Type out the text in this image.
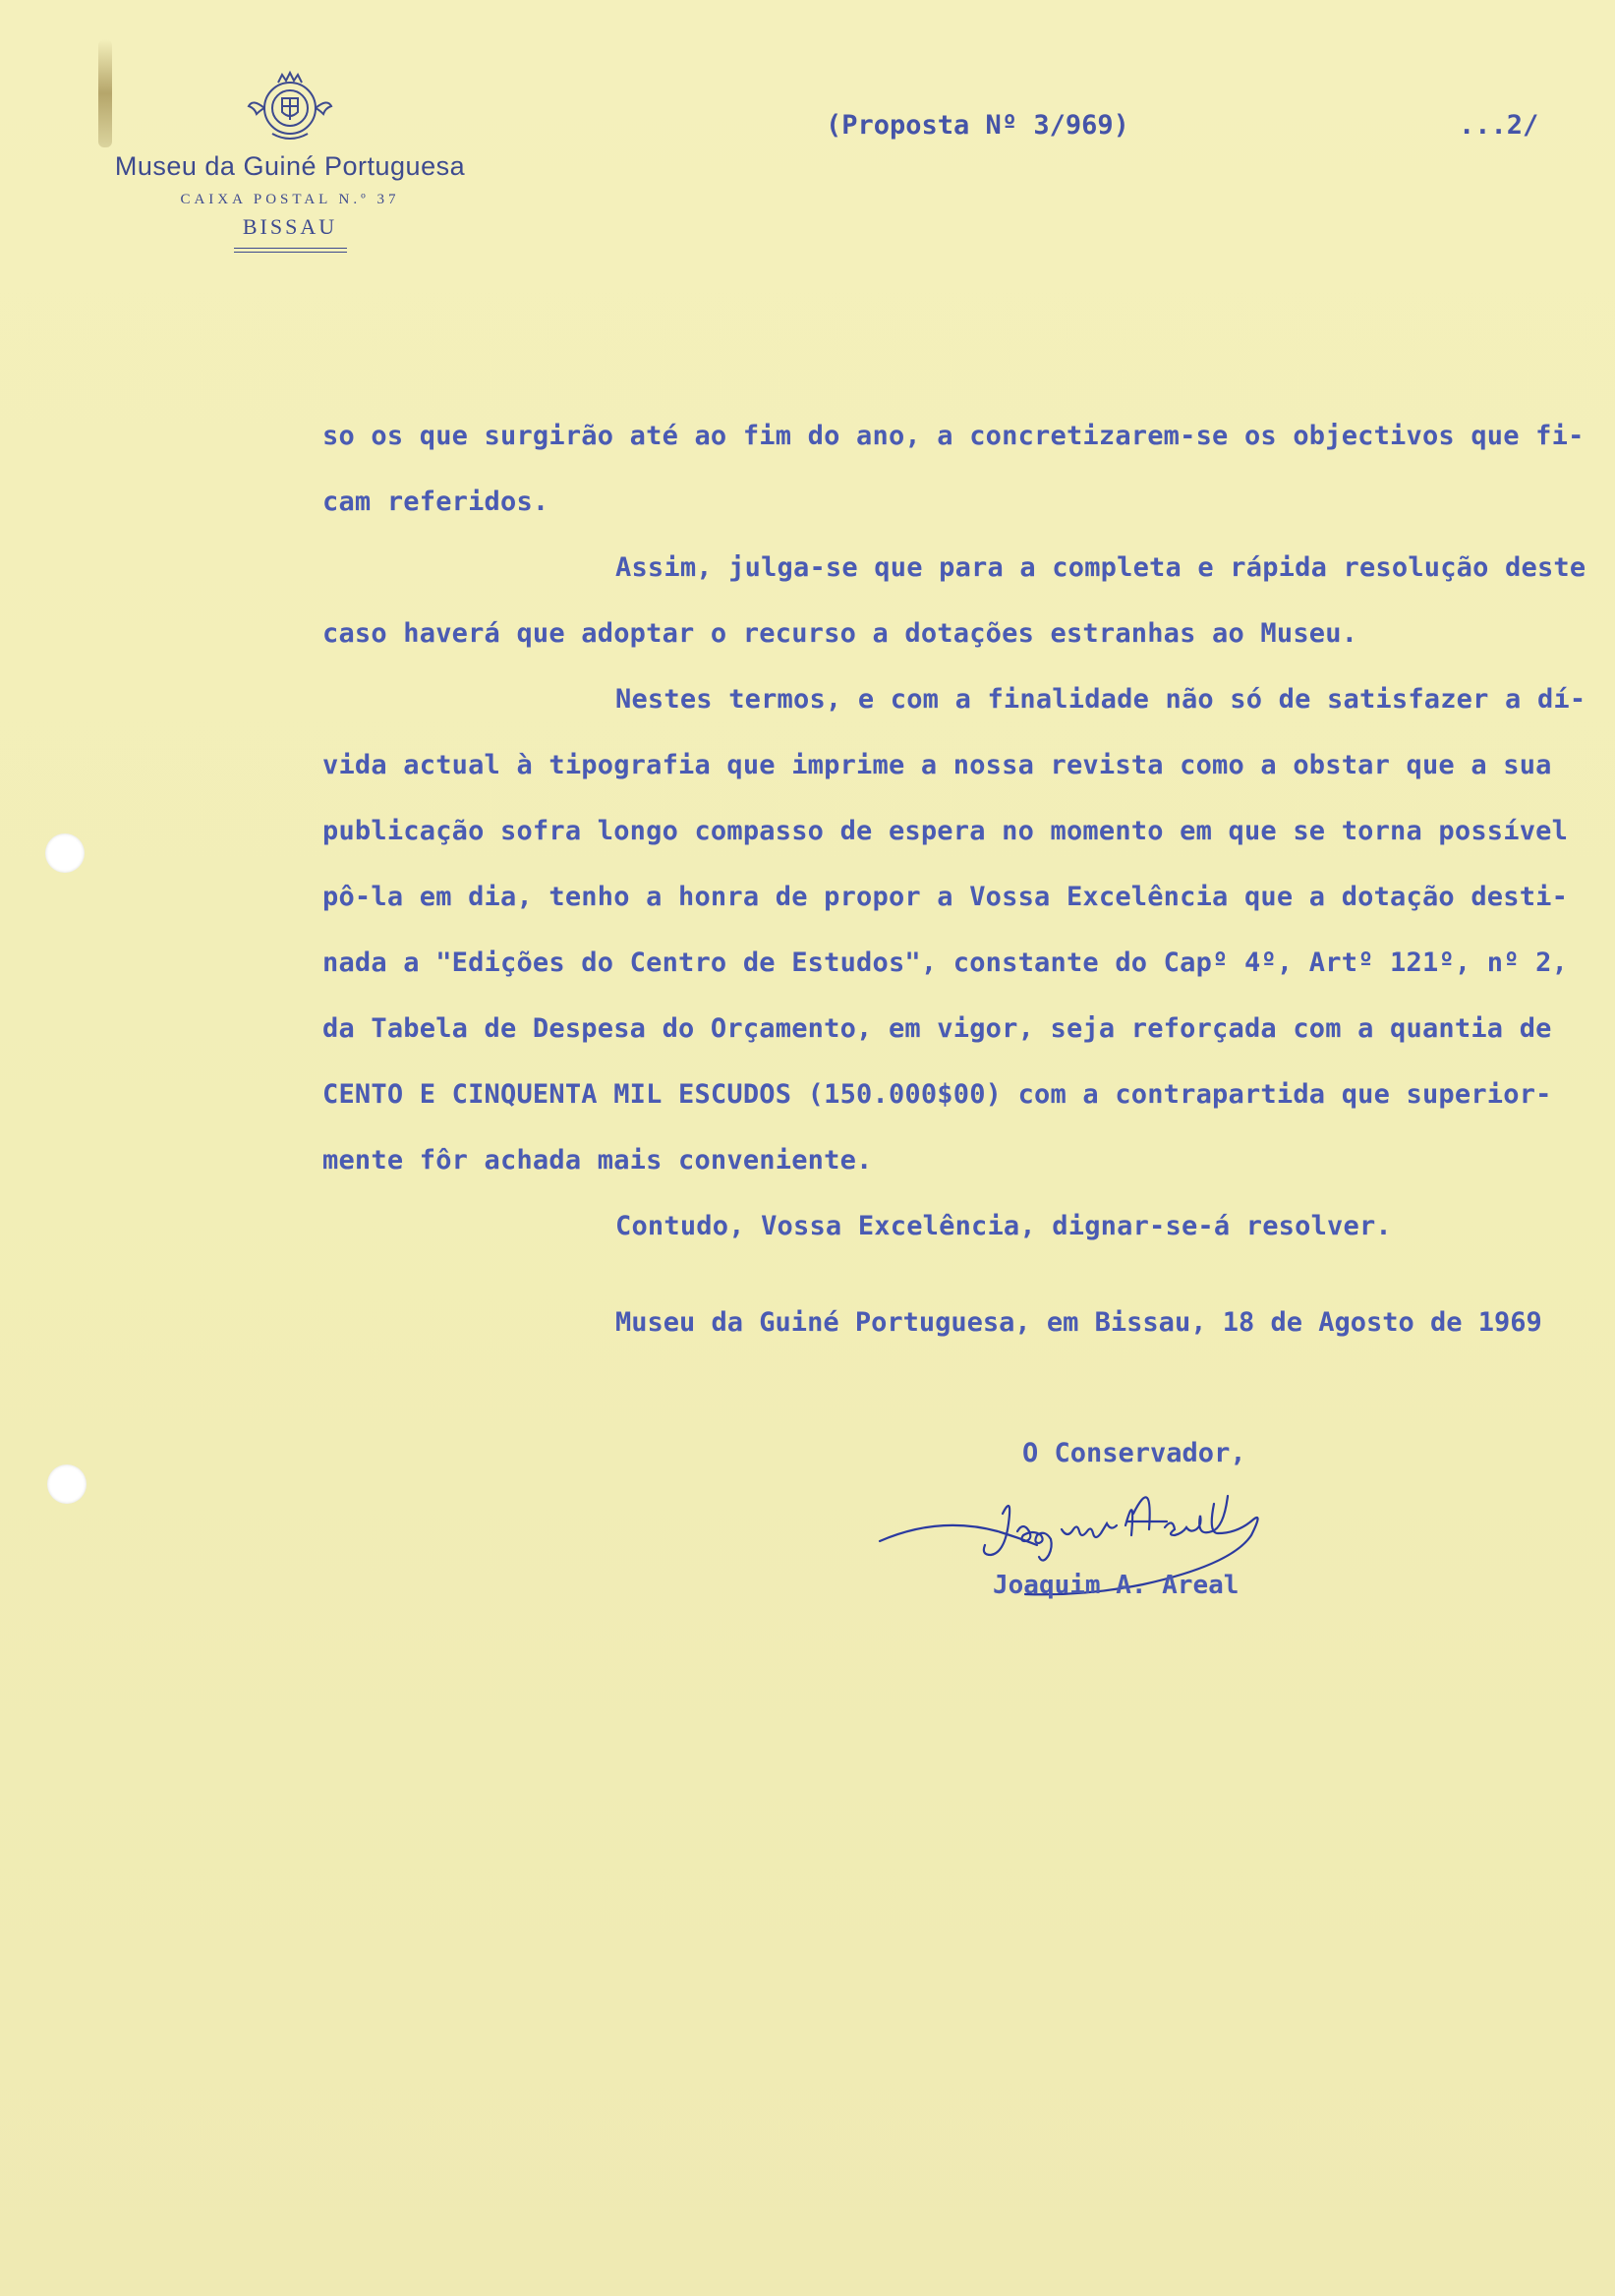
Museu da Guiné Portuguesa
CAIXA POSTAL N.º 37
BISSAU
(Proposta Nº 3/969)	...2/
so os que surgirão até ao fim do ano, a concretizarem-se os objectivos que fi-
cam referidos.
Assim, julga-se que para a completa e rápida resolução deste
caso haverá que adoptar o recurso a dotações estranhas ao Museu.
Nestes termos, e com a finalidade não só de satisfazer a dí-
vida actual à tipografia que imprime a nossa revista como a obstar que a sua
publicação sofra longo compasso de espera no momento em que se torna possível
pô-la em dia, tenho a honra de propor a Vossa Excelência que a dotação desti-
nada a "Edições do Centro de Estudos", constante do Capº 4º, Artº 121º, nº 2,
da Tabela de Despesa do Orçamento, em vigor, seja reforçada com a quantia de
CENTO E CINQUENTA MIL ESCUDOS (150.000$00) com a contrapartida que superior-
mente fôr achada mais conveniente.
Contudo, Vossa Excelência, dignar-se-á resolver.
Museu da Guiné Portuguesa, em Bissau, 18 de Agosto de 1969
O Conservador,
Joaquim A. Areal
